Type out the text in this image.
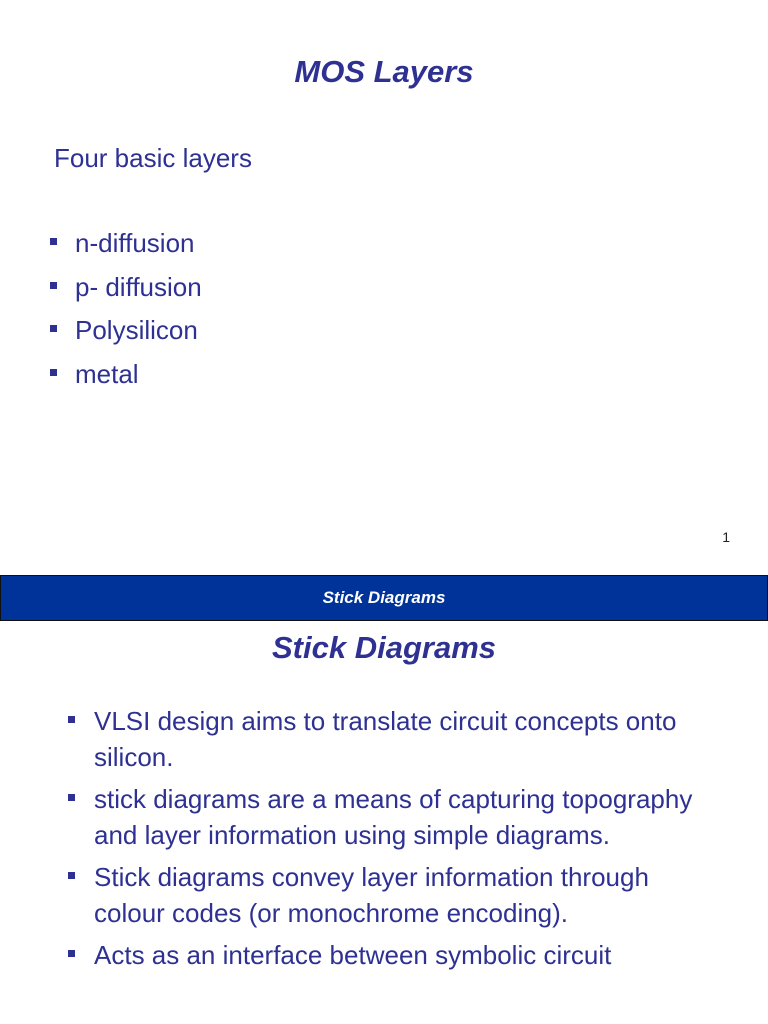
MOS Layers
Four basic layers
n-diffusion
p- diffusion
Polysilicon
metal
1
Stick Diagrams
Stick Diagrams
VLSI design aims to translate circuit concepts onto silicon.
stick diagrams are a means of capturing topography and layer information using simple diagrams.
Stick diagrams convey layer information through colour codes (or monochrome encoding).
Acts as an interface between symbolic circuit
